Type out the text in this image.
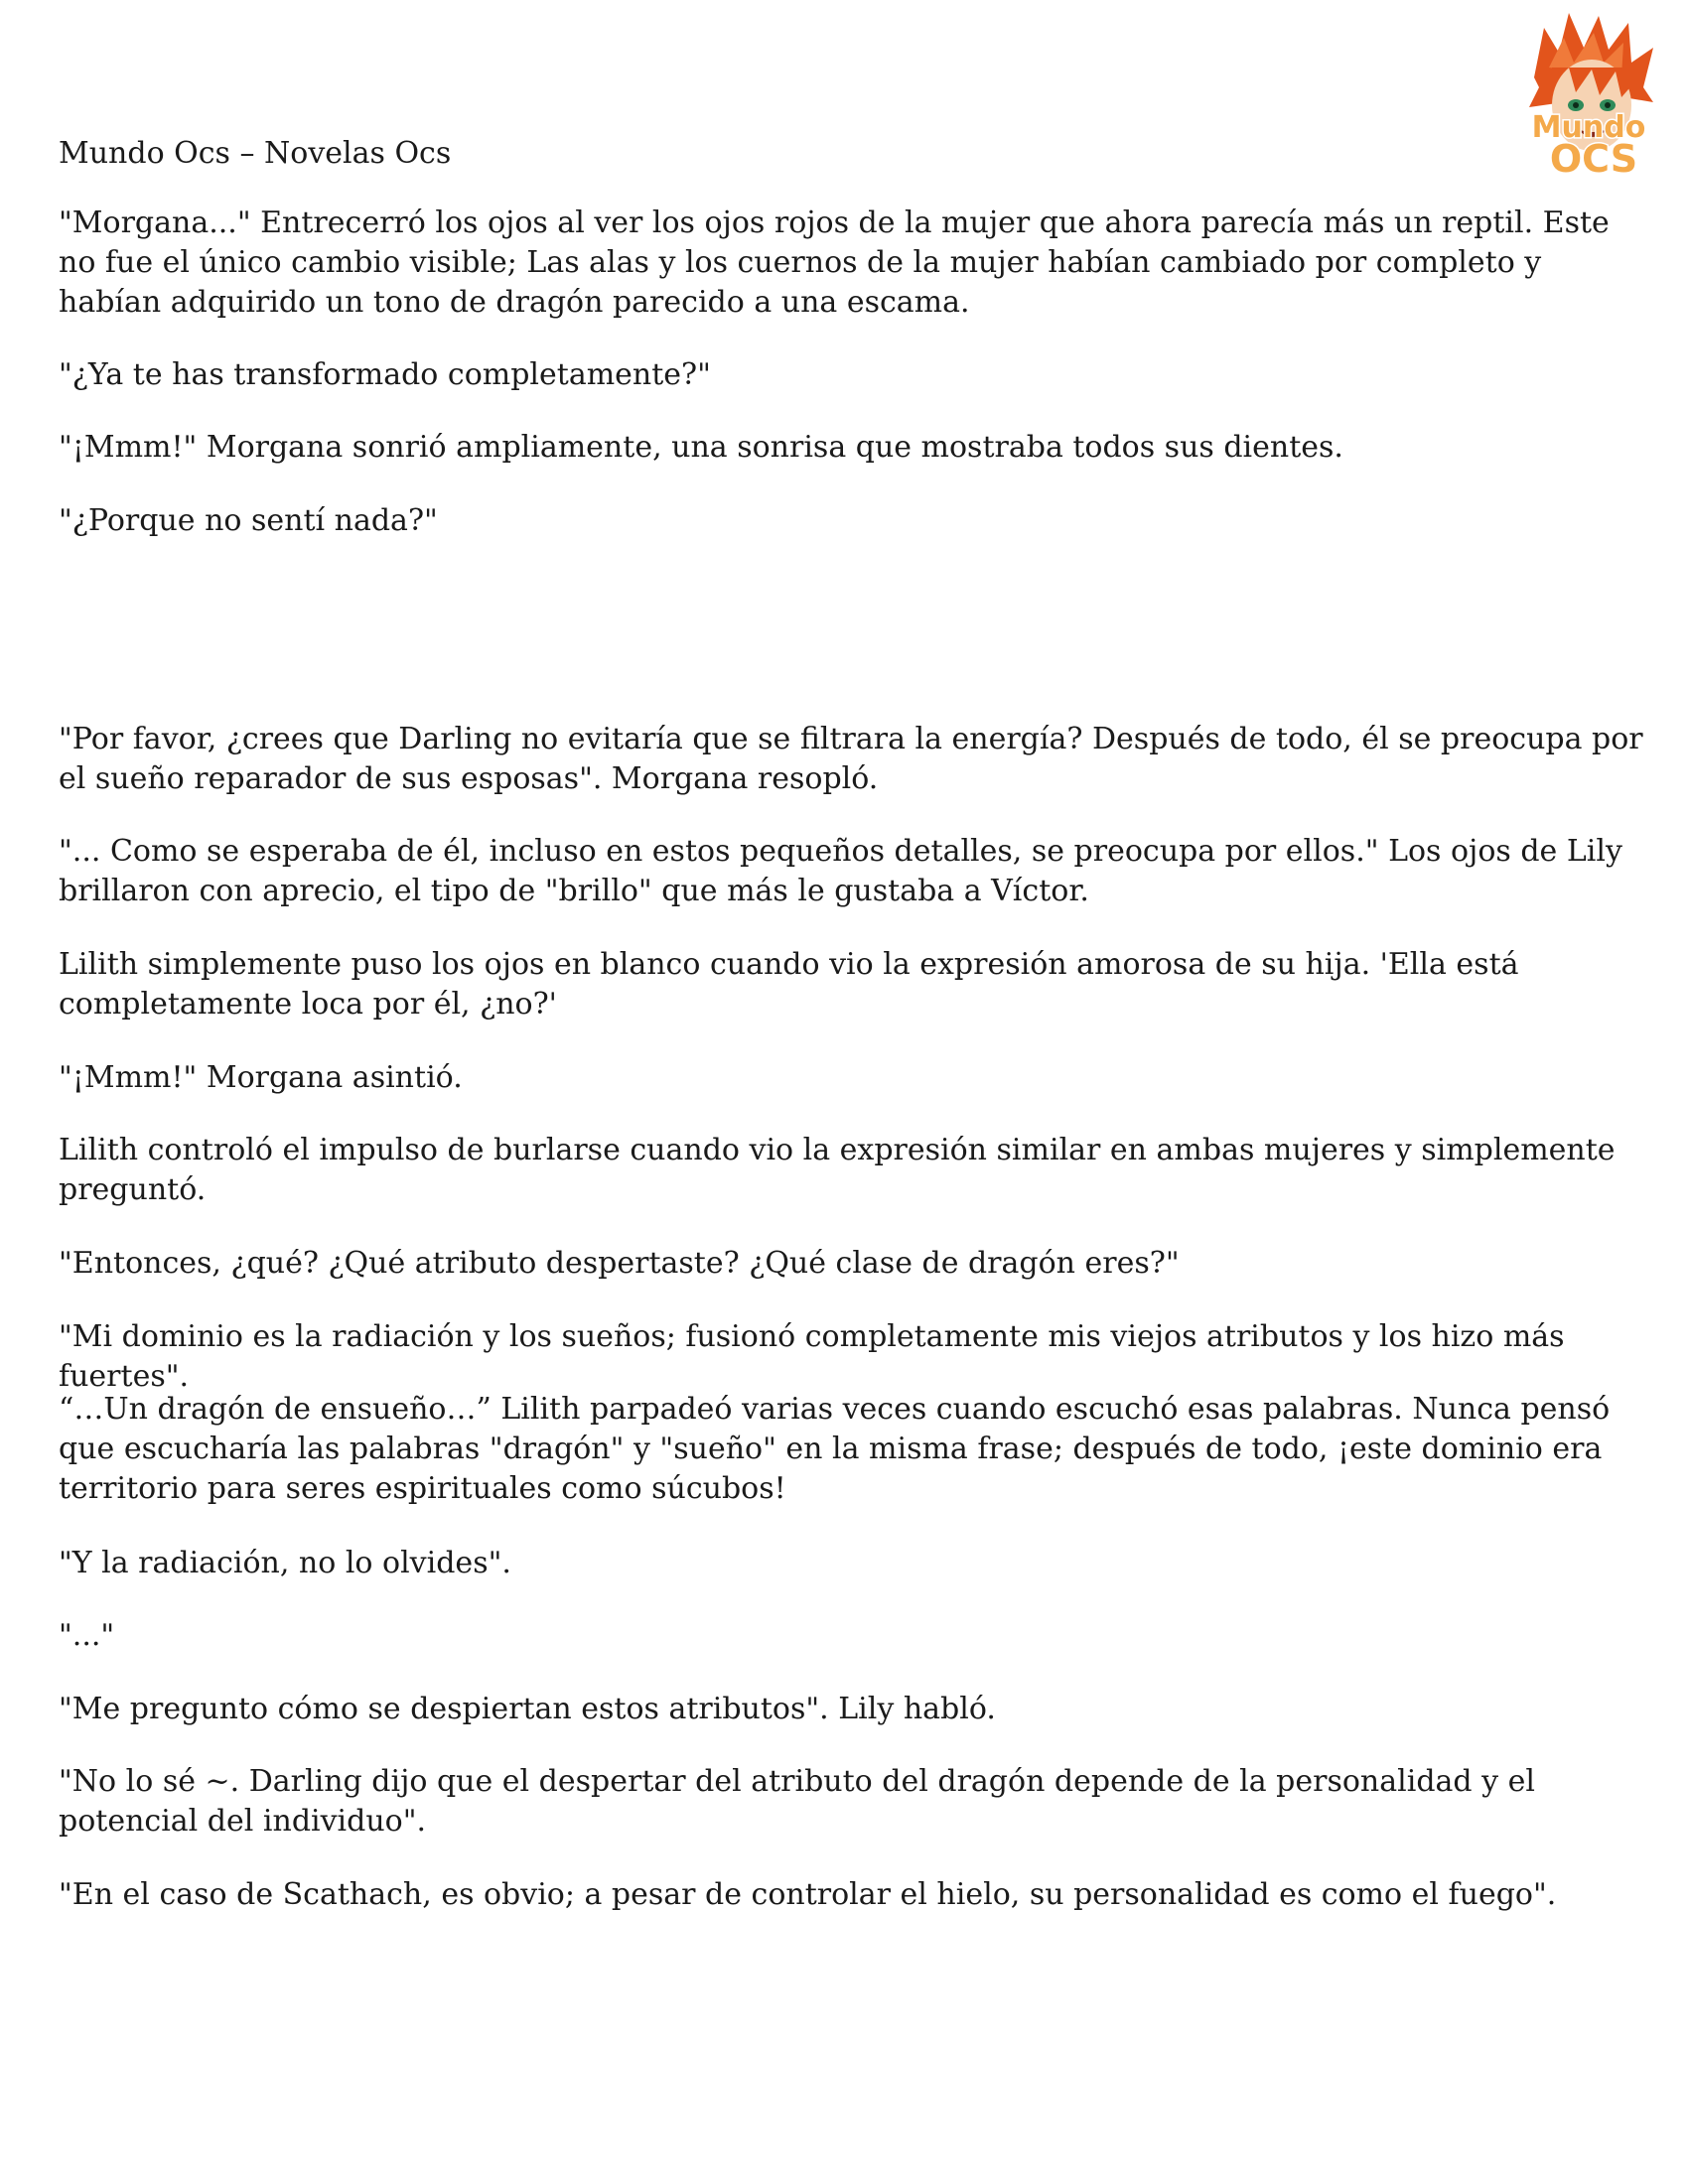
Mundo Ocs – Novelas Ocs
Mundo
OCS

"Morgana..." Entrecerró los ojos al ver los ojos rojos de la mujer que ahora parecía más un reptil. Este no fue el único cambio visible; Las alas y los cuernos de la mujer habían cambiado por completo y habían adquirido un tono de dragón parecido a una escama.

"¿Ya te has transformado completamente?"

"¡Mmm!" Morgana sonrió ampliamente, una sonrisa que mostraba todos sus dientes.

"¿Porque no sentí nada?"

"Por favor, ¿crees que Darling no evitaría que se filtrara la energía? Después de todo, él se preocupa por el sueño reparador de sus esposas". Morgana resopló.

"... Como se esperaba de él, incluso en estos pequeños detalles, se preocupa por ellos." Los ojos de Lily brillaron con aprecio, el tipo de "brillo" que más le gustaba a Víctor.

Lilith simplemente puso los ojos en blanco cuando vio la expresión amorosa de su hija. 'Ella está completamente loca por él, ¿no?'

"¡Mmm!" Morgana asintió.

Lilith controló el impulso de burlarse cuando vio la expresión similar en ambas mujeres y simplemente preguntó.

"Entonces, ¿qué? ¿Qué atributo despertaste? ¿Qué clase de dragón eres?"

"Mi dominio es la radiación y los sueños; fusionó completamente mis viejos atributos y los hizo más fuertes".

“…Un dragón de ensueño…” Lilith parpadeó varias veces cuando escuchó esas palabras. Nunca pensó que escucharía las palabras "dragón" y "sueño" en la misma frase; después de todo, ¡este dominio era territorio para seres espirituales como súcubos!

"Y la radiación, no lo olvides".

"..."

"Me pregunto cómo se despiertan estos atributos". Lily habló.

"No lo sé ~. Darling dijo que el despertar del atributo del dragón depende de la personalidad y el potencial del individuo".

"En el caso de Scathach, es obvio; a pesar de controlar el hielo, su personalidad es como el fuego".
